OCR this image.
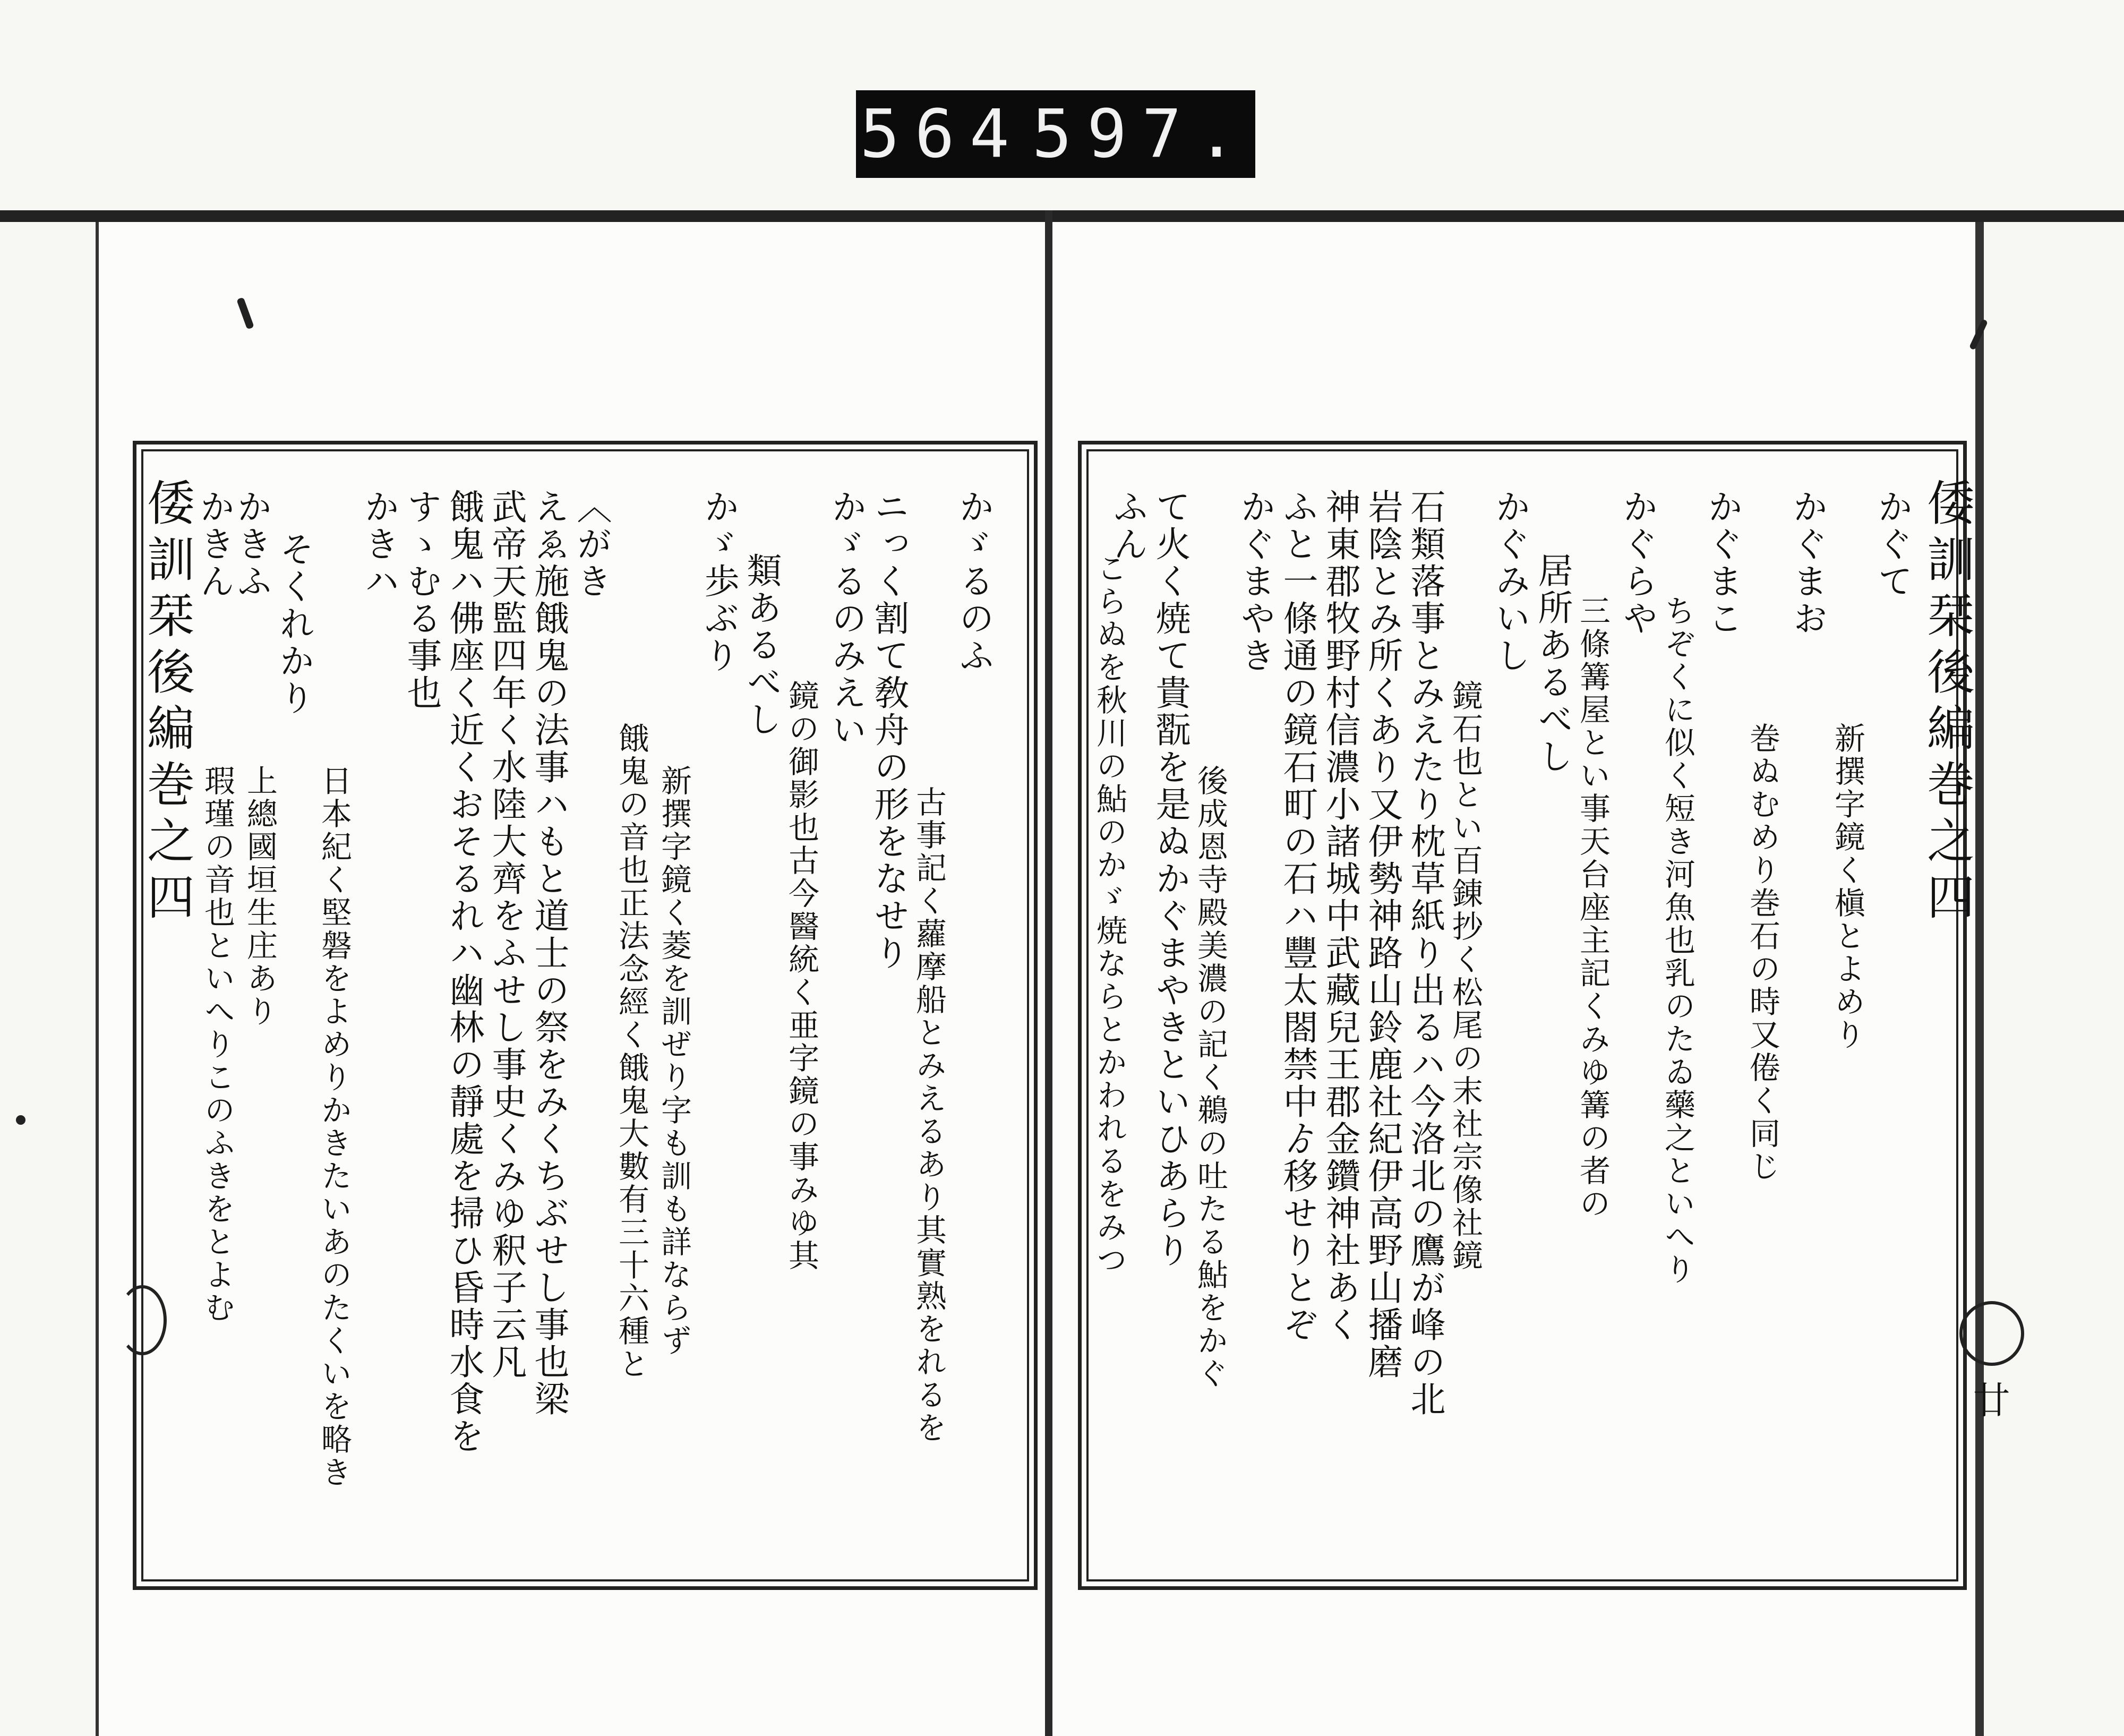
564 597.
倭訓栞後編巻之四
廿
倭訓栞後編巻之四	かぐて
新撰字鏡く槇とよめり
かぐまお
巻ぬむめり巻石の時又倦く同じ
かぐまこ
ちぞくに似く短き河魚也乳のたゐ藥之といへり
かぐらや
三條篝屋とい事天台座主記くみゆ篝の者の
居所あるべし
かぐみいし
鏡石也とい百錬抄く松尾の末社宗像社鏡
石類落事とみえたり枕草紙り出るハ今洛北の鷹が峰の北
岩陰とみ所くあり又伊勢神路山鈴鹿社紀伊高野山播磨
神東郡牧野村信濃小諸城中武藏兒王郡金鑽神社あく
ふと一條通の鏡石町の石ハ豐太閤禁中ゟ移せりとぞ
かぐまやき
後成恩寺殿美濃の記く鵜の吐たる鮎をかぐ
て火く焼て貴翫を是ぬかぐまやきといひあらり
ふん
こらぬを秋川の鮎のかゞ焼ならとかわれるをみつ
かゞるのふ
古事記く蘿摩船とみえるあり其實熟をれるを
ニっく割て敎舟の形をなせり
かゞるのみえい
鏡の御影也古今醫統く亜字鏡の事みゆ其
類あるべし
かゞ歩ぶり
新撰字鏡く菱を訓ぜり字も訓も詳ならず
餓鬼の音也正法念經く餓鬼大數有三十六種と
〈がき
えゑ施餓鬼の法事ハもと道士の祭をみくちぶせし事也梁
武帝天監四年く水陸大齊をふせし事史くみゆ釈子云凡
餓鬼ハ佛座く近くおそるれハ幽林の靜處を掃ひ昏時水食を
すゝむる事也
かきハ
日本紀く堅磐をよめりかきたいあのたくいを略き
そくれかり
かきふ
かきん
上總國垣生庄あり
瑕瑾の音也といへりこのふきをとよむ
